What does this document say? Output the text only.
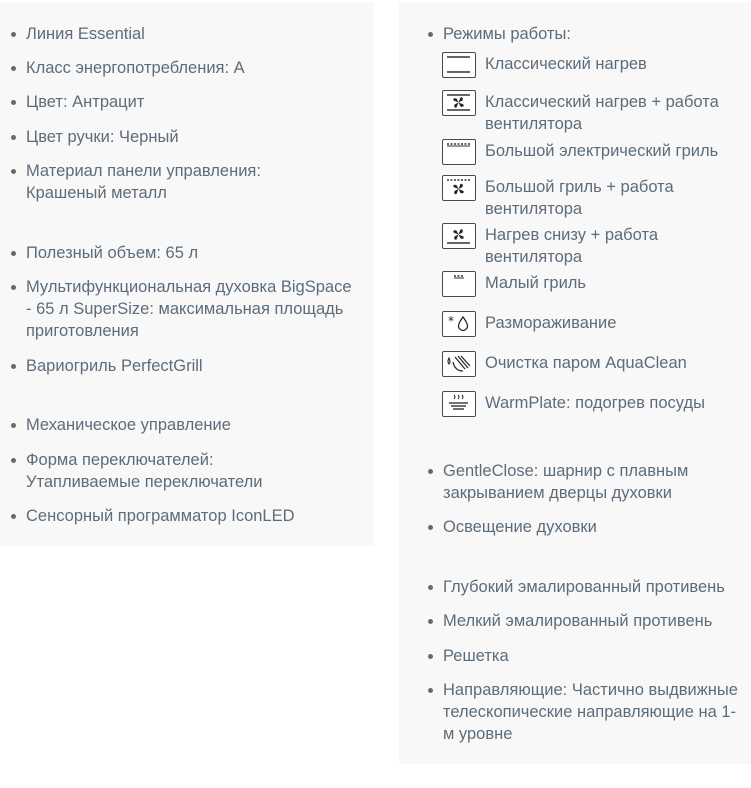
Линия Essential
Класс энергопотребления: A
Цвет: Антрацит
Цвет ручки: Черный
Материал панели управления: Крашеный металл
Полезный объем: 65 л
Мультифункциональная духовка BigSpace - 65 л SuperSize: максимальная площадь приготовления
Вариогриль PerfectGrill
Механическое управление
Форма переключателей: Утапливаемые переключатели
Сенсорный программатор IconLED
Режимы работы:
Классический нагрев
Классический нагрев + работа вентилятора
Большой электрический гриль
Большой гриль + работа вентилятора
Нагрев снизу + работа вентилятора
Малый гриль
* Размораживание
Очистка паром AquaClean
WarmPlate: подогрев посуды
GentleClose: шарнир с плавным закрыванием дверцы духовки
Освещение духовки
Глубокий эмалированный противень
Мелкий эмалированный противень
Решетка
Направляющие: Частично выдвижные телескопические направляющие на 1-м уровне
